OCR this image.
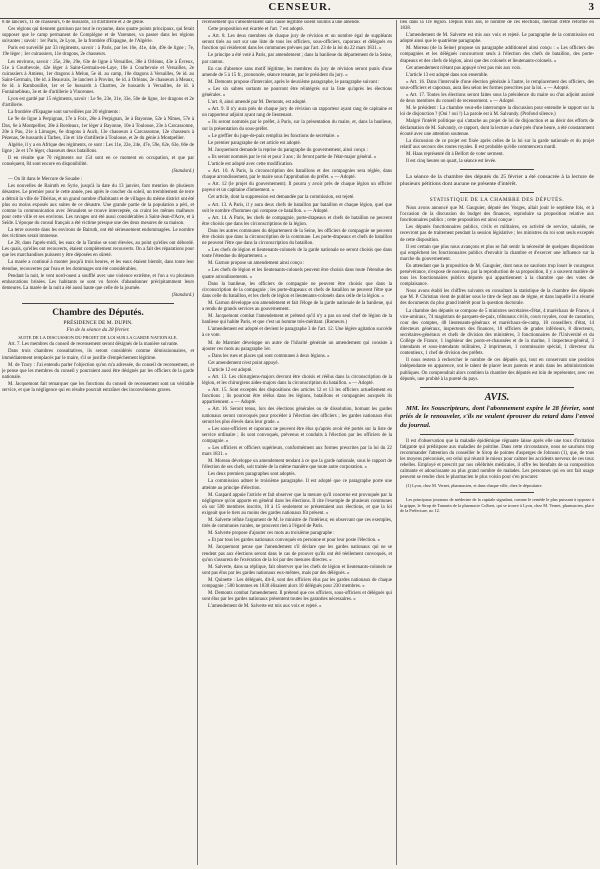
CENSEUR.	3

8 de lanciers, 11 de chasseurs, 6 de hussards, 14 d'artillerie et 2 de génie.

Ces régions qui tiennent garnison par tout le royaume, dans quatre points principaux, qui ferait supposer que le camp permanent de Compiègne et de Varennes, va passer dans les régions suivantes ; savoir : 1er Paris, 2e Lyon, 3e la frontière d'Espagne, 4e l'Algérie.

Paris est surveillé par 33 régiments, savoir : à Paris, par les 16e, 41e, 44e, 49e de ligne ; 7e, 19e léger ; 1er cuirassiers, 11e dragons, 2e chasseurs.

Les environs, savoir : 25e, 28e, 29e, 63e de ligne à Versailles, 38e à Orléans, 43e à Évreux, 51e à Courbevoie, 42e léger à Saint-Germain-en-Laye, 10e à Courbevoie et Versailles, 2e cuirassiers à Amiens, 1er dragons à Melun, 5e id. au camp, 10e dragons à Versailles, 9e id. au Saint-Germain, 10e id. à Beauvais, 3e lanciers à Provins, 6e id. à Orléans, 2e chasseurs à Meaux, 6e id. à Rambouillet, 1er et 5e hussards à Chartres, 2e hussards à Versailles, 4e id. à Fontainebleau, 3e et 4e d'artillerie à Vincennes.

Lyon est gardé par 15 régiments, savoir : Le 9e, 23e, 31e, 33e, 56e de ligne, 1er dragons et 2e d'artillerie.

La frontière d'Espagne sont surveillées par 20 régiments :

Le 9e de ligne à Perpignan, 17e à Foix, 28e à Perpignan, 3e à Bayonne, 52e à Nîmes, 57e à Dax, 6e à Montpellier, 38e à Bordeaux, 1er léger à Bayonne, 10e à Toulouse, 23e à Carcassonne, 20e à Pau, 21e à Limoges, 6e dragons à Auch, 13e chasseurs à Carcassonne, 12e chasseurs à Pézenas, 9e hussards à Tarbes, 13e et 14e d'artillerie à Toulouse, et 2e du génie à Montpellier.

Algérie, il y a en Afrique des régiments, ce sont : Les 11e, 22e, 24e, 47e, 59e, 62e, 63e, 66e de ligne ; 2e et 17e léger, chasseurs deux bataillons.

Il en résulte que 70 régiments sur 154 sont en ce moment en occupation, et que par conséquent, 84 sont encore en disponibilité.

(Standard.)

— On lit dans le Mercure de Souabe :

Les nouvelles de Bairuth en Syrie, jusqu'à la date du 13 janvier, font mention de plusieurs désastres. Le premier pour le cette année, peu après le coucher du soleil, un tremblement de terre a détruit la ville de Tibérias, et un grand nombre d'habitants et de villages du même district ont été plus ou moins exposés aux suites de ce désastre. Une grande partie de la population a péri, et comme la communication avec Jérusalem se trouve interceptée, on craint les mêmes malheurs pour cette ville et ses environs. Les ravages ont été aussi considérables à Saint-Jean-d'Acre, et à Seïde. L'époque du consul français a été victime presque une des deux mesures de sa maison.

La terre ouverte dans les environs de Bairuth, ont été sérieusement endommagées. Le nombre des victimes serait immense.

Le 28, dans l'après-midi, les eaux de la Tamise se sont élevées, au point qu'elles ont débordé. Les quais, qu'elles ont recouverts, étaient complètement recouverts. On a fait des réparations pour que les marchandises puissent y être déposées en sûreté.

La marée a continué à monter jusqu'à trois heures, et les eaux étaient bientôt, dans toute leur étendue, recouvertes par l'eau et les dommages ont été considérables.

Pendant la nuit, le vent nord-ouest a soufflé avec une violence extrême, et l'on a vu plusieurs embarcations brisées. Les habitants se sont vu forcés d'abandonner précipitamment leurs demeures. La marée de la nuit a été aussi haute que celle de la journée.

(Standard.)
Chambre des Députés.
PRÉSIDENCE DE M. DUPIN.
Fin de la séance du 28 février.
SUITE DE LA DISCUSSION DU PROJET DE LOI SUR LA GARDE NATIONALE.

Art. 7. Les membres du conseil de recensement seront désignés de la manière suivante.

Dans trois chambres consultatives, ils seront considérés comme démissionnaires, et immédiatement remplacés par le maire, s'il se justifie d'empêchement légitime.

M. de Tracy : J'ai entendu parler l'objection qu'on m'a adressée, du conseil de recensement, et je pense que les membres du conseil y pourraient aussi être désignés par les officiers de la garde nationale.

M. Jacquemont fait remarquer que les fonctions du conseil de recensement sont un véritable service, et que la négligence qui en résulte pourrait entraîner des inconvénients graves.

recensement qui s'absenteraient sans cause légitime soient soumis à une amende.

Cette proposition est écartée et l'art. 7 est adopté.

« Art. 8. Les deux membres de chaque jury de révision et un nombre égal de suppléants seront tirés au sort sur une liste de tous les officiers, sous-officiers, caporaux et délégués en fonction qui résideront dans les communes prévues par l'art. 23 de la loi du 22 mars 1831. »

Le principe a été voté à Paris, par amendement ; dans la banlieue du département de la Seine, par canton.

En cas d'absence sans motif légitime, les membres du jury de révision seront punis d'une amende de 5 à 15 fr., prononcée, séance tenante, par le président du jury. »

M. Demonts propose d'intercaler, après le deuxième paragraphe, le paragraphe suivant :

« Les six sabres sortants ne pourront être réintégrés sur la liste qu'après les élections générales. »

L'art. 8, ainsi amendé par M. Demonts, est adopté.

« Art. 9. Il n'y aura près de chaque jury de révision un rapporteur ayant rang de capitaine et un rapporteur adjoint ayant rang de lieutenant.

« Ils seront nommés par le préfet, à Paris, sur la présentation du maire, et, dans la banlieue, sur la présentation du sous-préfet.

« Le greffier du juge-de-paix remplira les fonctions de secrétaire. »

Le premier paragraphe de cet article est adopté.

M. Jacquemont demande la reprise du paragraphe du gouvernement, ainsi conçu :

« Ils seront nommés par le roi et pour 3 ans ; ils feront partie de l'état-major général. »

L'article est adopté avec cette modification.

« Art. 10. A Paris, la circonscription des bataillons et des compagnies sera réglée, dans chaque arrondissement, par le maire sous l'approbation du préfet. » — Adopté.

« Art. 12 (le projet du gouvernement). Il pourra y avoir près de chaque légion un officier payeur et un capitaine d'armement. »

Cet article, dont la suppression est demandée par la commission, est rejeté.

« Art. 13. A Paris, il y aura deux chefs de bataillon par bataillon et chaque légion, quel que soit le nombre d'hommes qui compose ce bataillon. » — Adopté.

« Art. 14. A Paris, les chefs de compagnie, porte-drapeaux et chefs de bataillon ne peuvent être choisis que dans les circonscriptions de la légion.

Dans les autres communes du département de la Seine, les officiers de compagnie ne peuvent être choisis que dans la circonscription de la commune. Les porte-drapeaux et chefs de bataillon ne peuvent l'être que dans la circonscription du bataillon.

« Les chefs de légion et lieutenants-colonels de la garde nationale ne seront choisis que dans toute l'étendue du département. »

M. Garnon propose un amendement ainsi conçu :

« Les chefs de légion et les lieutenants-colonels peuvent être choisis dans toute l'étendue des quatre arrondissements. »

Dans la banlieue, les officiers de compagnie ne peuvent être choisis que dans la circonscription de la compagnie ; les porte-drapeaux et chefs de bataillon ne peuvent l'être que dans celle du bataillon, et les chefs de légion et lieutenants-colonels dans celle de la légion. »

M. Garnon développe son amendement et fait l'éloge de la garde nationale de la banlieue, qui a rendu de grands services au gouvernement.

M. Jacquemont combat l'amendement et prétend qu'il n'y a pas un seul chef de légion de la banlieue qui habite Paris, et que c'est un homme très-méritant. (Rumeurs.)

L'amendement est adopté et devient le paragraphe 3 de l'art. 12. Une légère agitation succède à ce vote.

M. de Marmier développe un autre de l'hilarité générale un amendement qui consiste à ajouter ces mots au paragraphe 1er.

« Dans les rues et places qui sont communes à deux légions. »

Cet amendement n'est point appuyé.

L'article 12 est adopté.

« Art. 13. Les chirurgiens-majors devront être choisis et réélus dans la circonscription de la légion, et les chirurgiens aides-majors dans la circonscription du bataillon. » — Adopté.

« Art. 15. Sont exceptés des dispositions des articles 12 et 13 les officiers actuellement en fonctions ; ils pourront être réélus dans les légions, bataillons et compagnies auxquels ils appartiennent. » — Adopté.

« Art. 16. Seront tenus, lors des élections générales ou de dissolution, bornant les gardes nationaux seront convoqués pour procéder à l'élection des officiers ; les gardes nationaux élus seront les plus élevés dans leur grade. »

« Les sous-officiers et caporaux ne peuvent être élus qu'après avoir été portés sur la liste de service ordinaire ; ils sont convoqués, prévenus et conduits à l'élection par les officiers de la compagnie. »

« Les officiers et officiers supérieurs, conformément aux formes prescrites par la loi du 22 mars 1831. »

M. Moreau développe un amendement tendant à ce que la garde nationale, sous le rapport de l'élection de ses chefs, soit traitée de la même manière que toute autre corporation. »

Les deux premiers paragraphes sont adoptés.

La commission admet le troisième paragraphe. Il est adopté que ce paragraphe porte une atteinte au principe d'élection.

M. Gaspard appuie l'article et fait observer que la mesure qu'il concerne est provoquée par la négligence qu'on apporte en général dans les élections. Il cite l'exemple de plusieurs communes où sur 500 membres inscrits, 10 à 15 seulement se présentaient aux élections, et que la loi exigeait que le tiers au moins des gardes nationaux fût présent. »

M. Salverte réfute l'argument de M. le ministre de l'intérieur, en observant que ces exemples, tirés de communes rurales, ne prouvent rien à l'égard de Paris.

M. Salverte propose d'ajouter ces mots au troisième paragraphe :

« Et par tous les gardes nationaux convoqués en personne et pour leur poste l'élection. »

M. Jacquemont pense que l'amendement s'il déclare que les gardes nationaux qui ne se rendent pas aux élections seront dans le cas de prouver qu'ils ont été réellement convoqués, et qu'on s'assurera de l'exécution de la loi par des mesures directes. »

M. Salverte, dans sa réplique, fait observer que les chefs de légion et lieutenants-colonels ne sont pas élus par les gardes nationaux eux-mêmes, mais par des délégués. »

M. Quinette : Les délégués, dit-il, sont des officiers élus par les gardes nationaux de chaque compagnie ; 500 hommes en 1830 élisaient alors 10 délégués pour 230 membres. »

M. Demonts combat l'amendement. Il prétend que ces officiers, sous-officiers et délégués qui sont élus par les gardes nationaux présentent toutes les garanties nécessaires. »

L'amendement de M. Salverte est mis aux voix et rejeté. »

lieu dans la 1re légion. Depuis trois ans, le nombre de ces élections, méritait d'être réformé en 1838.

L'amendement de M. Salverte est mis aux voix et rejeté. Le paragraphe de la commission est adopté ainsi que le quatrième paragraphe.

M. Moreau (de la Seine) propose un paragraphe additionnel ainsi conçu : « Les officiers des compagnies et les délégués concourront seuls à l'élection des chefs de bataillon, des porte-drapeaux et des chefs de légion, ainsi que des colonels et lieutenants-colonels. »

Cet amendement n'étant pas appuyé n'est pas mis aux voix.

L'article 13 est adopté dans son ensemble.

« Art. 16. Dans l'intervalle d'une élection générale à l'autre, le remplacement des officiers, des sous-officiers et caporaux, aura lieu selon les formes prescrites par la loi. » — Adopté.

« Art. 17. Toutes les élections seront faites sous la présidence du maire ou d'un adjoint assisté de deux membres du conseil de recensement. » — Adopté.

M. le président : La chambre veut-elle interrompre la discussion pour entendre le rapport sur la loi de disjonction ? (Oui ! oui !) La parole est à M. Salvandy. (Profond silence.)

Malgré l'intérêt politique qui s'attache au projet de loi de disjonction et au désir des efforts de déclamation de M. Salvandy, ce rapport, dont la lecture a duré près d'une heure, a été constamment écouté avec une attention soutenue.

La discussion de ce projet est fixée après celles de la loi sur la garde nationale et du projet relatif aux secours des routes royales. Il est probable qu'elle commencera mardi.

M. Haas représenté dit à Belfort de voter serment.

Il est cinq heures un quart, la séance est levée.

La séance de la chambre des députés du 25 février a été consacrée à la lecture de plusieurs pétitions dont aucune ne présente d'intérêt.

STATISTIQUE DE LA CHAMBRE DES DÉPUTÉS.

Nous avons annoncé que M. Gauguier, député des Vosges, allait jouir le septième fois, et à l'occasion de la discussion du budget des finances, reproduire sa proposition relative aux fonctionnaires publics ; cette proposition est ainsi conçue :

Les députés fonctionnaires publics, civils et militaires, en activité de service, salariés, ne recevront pas de traitement pendant la session législative ; les ministres du roi sont seuls exceptés de cette disposition.

Il est certain que plus nous avançons et plus se fait sentir la nécessité de quelques dispositions qui empêchent les fonctionnaires publics d'envahir la chambre et d'exercer une influence sur la marche du gouvernement.

En attendant que la proposition de M. Gauguier, dont nous ne saurions trop louer le courageux persévérance, n'expose de nouveau, par la reproduction de sa proposition, il y a souvent matière de tous les fonctionnaires publics députés qui appartiennent à la chambre que des votes de complaisance.

Nous avons établi les chiffres suivants en consultant la statistique de la chambre des députés que M. P. Christian vient de publier sous le titre de Sept ans de règne, et dans laquelle il a résumé des documents du plus grand intérêt pour la question doctorale.

La chambre des députés se compose de 5 ministres secrétaires-d'état, 4 maréchaux de France, 4 vice-amiraux, 74 magistrats de parquets-de-paix, tribunaux civils, cours royales, cour de cassation, cour des comptes, 48 lieutenants-généraux et maréchaux-de-camp, 18 conseillers d'état, 14 directeurs généraux, inspecteurs des finances, 10 officiers de grades inférieurs, 8 directeurs, secrétaires-généraux et chefs de division des ministères, 3 fonctionnaires de l'Université et du Collège de France, 1 ingénieur des ponts-et-chaussées et de la marine, 1 inspecteur-général, 3 intendants et sous-intendants militaires, 2 imprimeurs, 1 commissaire spécial, 1 directeur du contentieux, 1 chef de division des préfets.

Il nous restera à rechercher le nombre de ces députés qui, tout en conservant une position indépendante en apparence, ont le talent de placer leurs parents et amis dans les administrations publiques. On comprendrait alors combien la chambre des députés est loin de représenter, avec ces députés, une probité à la pureté du pays.

AVIS.

MM. les Souscripteurs, dont l'abonnement expire le 28 février, sont priés de le renouveler, s'ils ne veulent éprouver du retard dans l'envoi du journal.

Il est d'observation que la maladie épidémique régnante laisse après elle une toux d'irritation fatigante qui prédispose aux maladies de poitrine. Dans cette circonstance, nous ne saurions trop recommander l'attention du conseiller le Sirop de pointes d'asperges de Johnson (1), que, de tous les moyens préconisés, est celui qui réussit le mieux pour calmer les accidents nerveux de ces toux rebelles. Employé et prescrit par nos célébrités médicales, il offre les bienfaits de sa composition calmante et adoucissante au plus grand nombre de malades. Les personnes qui en ont fait usage peuvent se rendre chez le pharmacien le plus voisin pour s'en procurer.

(1) Lyon, chez M. Vernet, pharmacien, et dans chaque ville, chez le dépositaire.

Les principaux journaux de médecine de la capitale signalant, comme le remède le plus puissant à opposer à la grippe, le Sirop de Tamarin de la pharmacie Colbert, qui se trouve à Lyon, chez M. Vernet, pharmacien, place de la Préfecture, no 12.
